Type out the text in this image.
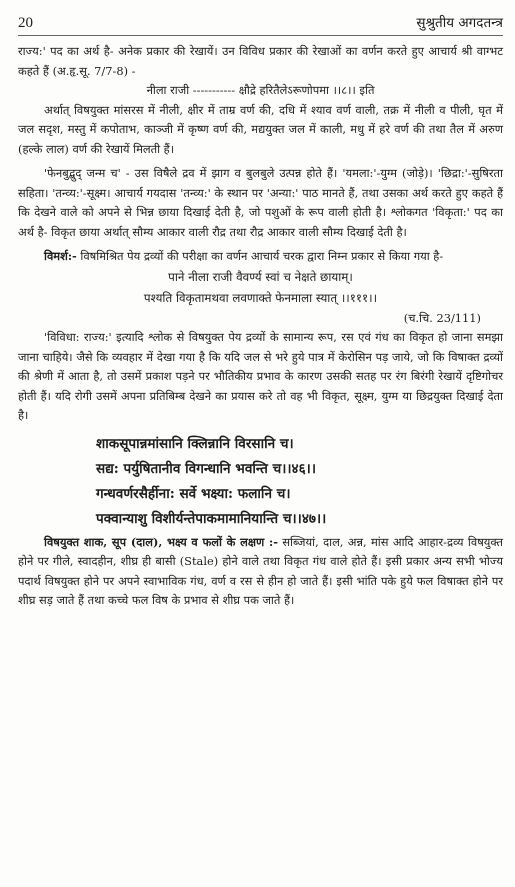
20	सुश्रुतीय अगदतन्त्र

राज्य:' पद का अर्थ है- अनेक प्रकार की रेखायें। उन विविध प्रकार की रेखाओं का वर्णन करते हुए आचार्य श्री वाग्भट कहते हैं (अ.हृ.सू. 7/7-8) -

नीला राजी ----------- क्षौद्रे हरितैलेऽरूणोपमा ।।८।। इति

अर्थात् विषयुक्त मांसरस में नीली, क्षीर में ताम्र वर्ण की, दधि में श्याव वर्ण वाली, तक्र में नीली व पीली, घृत में जल सदृश, मस्तु में कपोताभ, काञ्जी में कृष्ण वर्ण की, मद्ययुक्त जल में काली, मधु में हरे वर्ण की तथा तैल में अरुण (हल्के लाल) वर्ण की रेखायें मिलती हैं।

'फेनबुद्बुद् जन्म च' - उस विषैले द्रव में झाग व बुलबुले उत्पन्न होते हैं। 'यमला:'-युग्म (जोड़े)। 'छिद्रा:'-सुषिरता सहिता। 'तन्व्य:'-सूक्ष्म। आचार्य गयदास 'तन्व्य:' के स्थान पर 'अन्या:' पाठ मानते हैं, तथा उसका अर्थ करते हुए कहते हैं कि देखने वाले को अपने से भिन्न छाया दिखाई देती है, जो पशुओं के रूप वाली होती है। श्लोकगत 'विकृता:' पद का अर्थ है- विकृत छाया अर्थात् सौम्य आकार वाली रौद्र तथा रौद्र आकार वाली सौम्य दिखाई देती है।

विमर्श:- विषमिश्रित पेय द्रव्यों की परीक्षा का वर्णन आचार्य चरक द्वारा निम्न प्रकार से किया गया है-

पाने नीला राजी वैवर्ण्य स्वां च नेक्षते छायाम्।

पश्यति विकृतामथवा लवणाक्ते फेनमाला स्यात् ।।१११।।

(च.चि. 23/111)

'विविधा: राज्य:' इत्यादि श्लोक से विषयुक्त पेय द्रव्यों के सामान्य रूप, रस एवं गंध का विकृत हो जाना समझा जाना चाहिये। जैसे कि व्यवहार में देखा गया है कि यदि जल से भरे हुये पात्र में केरोसिन पड़ जाये, जो कि विषाक्त द्रव्यों की श्रेणी में आता है, तो उसमें प्रकाश पड़ने पर भौतिकीय प्रभाव के कारण उसकी सतह पर रंग बिरंगी रेखायें दृष्टिगोचर होती हैं। यदि रोगी उसमें अपना प्रतिबिम्ब देखने का प्रयास करे तो वह भी विकृत, सूक्ष्म, युग्म या छिद्रयुक्त दिखाई देता है।

शाकसूपान्नमांसानि क्लिन्नानि विरसानि च।

सद्य: पर्युषितानीव विगन्धानि भवन्ति च।।४६।।

गन्धवर्णरसैर्हीना: सर्वे भक्ष्या: फलानि च।

पक्वान्याशु विशीर्यन्तेपाकमामानियान्ति च।।४७।।

विषयुक्त शाक, सूप (दाल), भक्ष्य व फलों के लक्षण :- सब्जियां, दाल, अन्न, मांस आदि आहार-द्रव्य विषयुक्त होने पर गीले, स्वादहीन, शीघ्र ही बासी (Stale) होने वाले तथा विकृत गंध वाले होते हैं। इसी प्रकार अन्य सभी भोज्य पदार्थ विषयुक्त होने पर अपने स्वाभाविक गंध, वर्ण व रस से हीन हो जाते हैं। इसी भांति पके हुये फल विषाक्त होने पर शीघ्र सड़ जाते हैं तथा कच्चे फल विष के प्रभाव से शीघ्र पक जाते हैं।
